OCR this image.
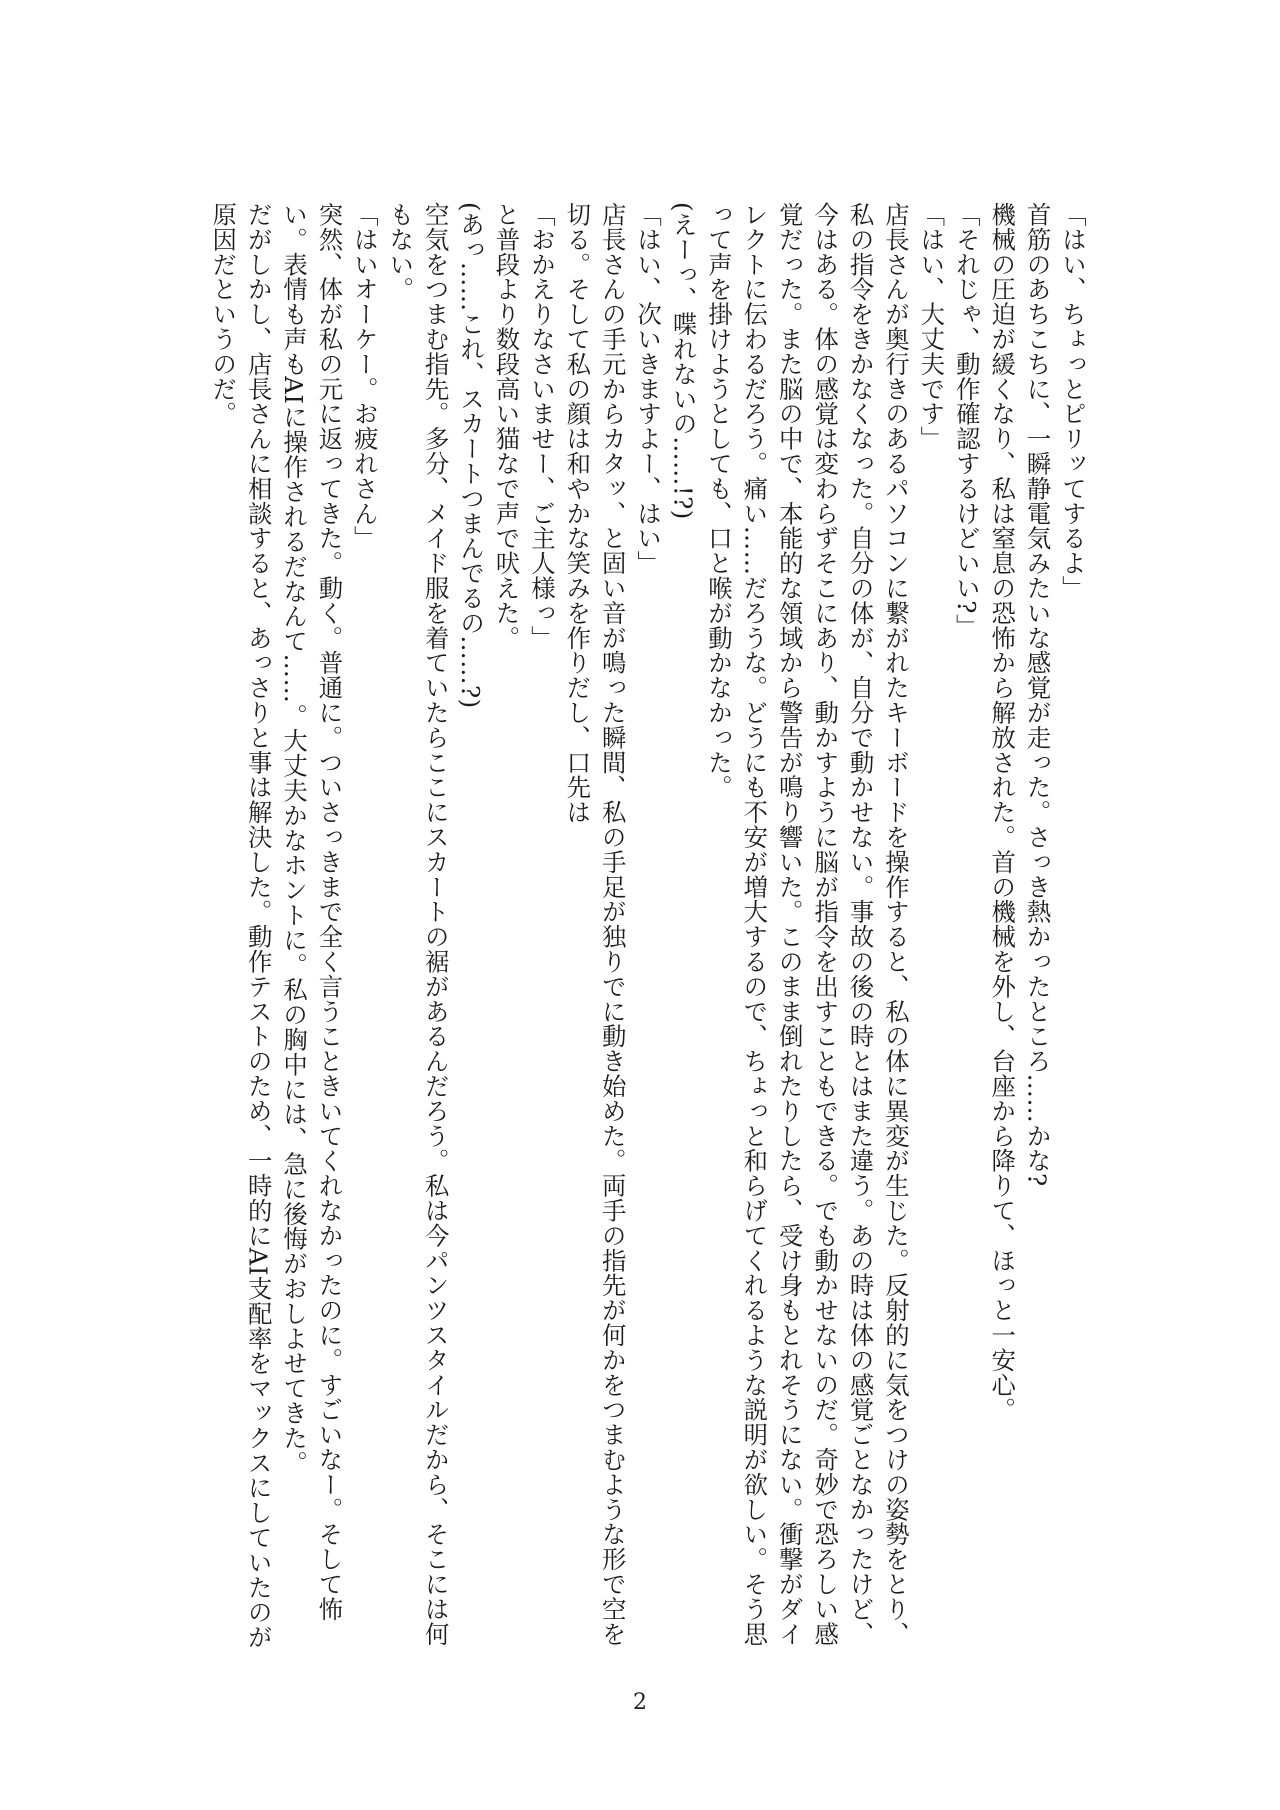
「はい、ちょっとピリッてするよ」

首筋のあちこちに、一瞬静電気みたいな感覚が走った。さっき熱かったところ……かな?

機械の圧迫が緩くなり、私は窒息の恐怖から解放された。首の機械を外し、台座から降りて、ほっと一安心。

「それじゃ、動作確認するけどいい?」

「はい、大丈夫です」

店長さんが奥行きのあるパソコンに繋がれたキーボードを操作すると、私の体に異変が生じた。反射的に気をつけの姿勢をとり、私の指令をきかなくなった。自分の体が、自分で動かせない。事故の後の時とはまた違う。あの時は体の感覚ごとなかったけど、今はある。体の感覚は変わらずそこにあり、動かすように脳が指令を出すこともできる。でも動かせないのだ。奇妙で恐ろしい感覚だった。また脳の中で、本能的な領域から警告が鳴り響いた。このまま倒れたりしたら、受け身もとれそうにない。衝撃がダイレクトに伝わるだろう。痛い……だろうな。どうにも不安が増大するので、ちょっと和らげてくれるような説明が欲しい。そう思って声を掛けようとしても、口と喉が動かなかった。

(えーっ、喋れないの……!?)

「はい、次いきますよー、はい」

店長さんの手元からカタッ、と固い音が鳴った瞬間、私の手足が独りでに動き始めた。両手の指先が何かをつまむような形で空を切る。そして私の顔は和やかな笑みを作りだし、口先は

「おかえりなさいませー、ご主人様っ」

と普段より数段高い猫なで声で吠えた。

(あっ……これ、スカートつまんでるの……?)

空気をつまむ指先。多分、メイド服を着ていたらここにスカートの裾があるんだろう。私は今パンツスタイルだから、そこには何もない。

「はいオーケー。お疲れさん」

突然、体が私の元に返ってきた。動く。普通に。ついさっきまで全く言うこときいてくれなかったのに。すごいなー。そして怖い。表情も声もAIに操作されるだなんて……。大丈夫かなホントに。私の胸中には、急に後悔がおしよせてきた。

だがしかし、店長さんに相談すると、あっさりと事は解決した。動作テストのため、一時的にAI支配率をマックスにしていたのが原因だというのだ。

2
